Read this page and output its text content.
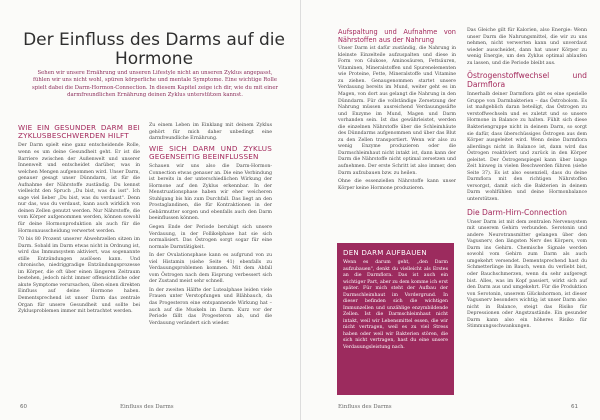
Der Einfluss des Darms auf die Hormone
Sehen wir unsere Ernährung und unseren Lifestyle nicht an unseren Zyklus angepasst, fühlen wir uns nicht wohl, spüren körperliche und mentale Symptome. Eine wichtige Rolle spielt dabei die Darm-Hormon-Connection. In diesem Kapitel zeige ich dir, wie du mit einer darmfreundlichen Ernährung deinen Zyklus unterstützen kannst.
WIE EIN GESUNDER DARM BEI ZYKLUSBESCHWERDEN HILFT

Der Darm spielt eine ganz entscheidende Rolle, wenn es um deine Gesundheit geht. Er ist die Barriere zwischen der Außenwelt und unserer Innenwelt und entscheidet darüber, was in welchen Mengen aufgenommen wird. Unser Darm, genauer gesagt unser Dünndarm, ist für die Aufnahme der Nährstoffe zuständig. Du kennst vielleicht den Spruch „Du bist, was du isst". Ich sage viel lieber „Du bist, was du verdaust". Denn nur das, was du verdaust, kann auch wirklich von deinen Zellen genutzt werden. Nur Nährstoffe, die vom Körper aufgenommen werden, können sowohl für deine Hormonproduktion als auch für die Hormonausscheidung verwertet werden.

70 bis 80 Prozent unserer Abwehrzellen sitzen im Darm. Sobald im Darm etwas nicht in Ordnung ist, wird das Immunsystem aktiviert, was sogenannte stille Entzündungen auslösen kann. Und chronische, niedriggradige Entzündungsprozesse im Körper, die oft über einen längeren Zeitraum bestehen, jedoch nicht immer offensichtliche oder akute Symptome verursachen, üben einen direkten Einfluss auf deine Hormone haben. Dementsprechend ist unser Darm das zentrale Organ für unsere Gesundheit und sollte bei Zyklusproblemen immer mit betrachtet werden.

Zu einem Leben im Einklang mit deinem Zyklus gehört für mich daher unbedingt eine darmfreundliche Ernährung.

WIE SICH DARM UND ZYKLUS GEGENSEITIG BEEINFLUSSEN

Schauen wir uns also die Darm-Hormon-Connection etwas genauer an. Die eine Verbindung ist bereits in der unterschiedlichen Wirkung der Hormone auf den Zyklus erkennbar. In der Menstruationsphase haben wir eher weicheren Stuhlgang bis hin zum Durchfall. Das liegt an den Prostaglandinen, die für Kontraktionen in der Gebärmutter sorgen und ebenfalls auch den Darm beeinflussen können.

Gegen Ende der Periode beruhigt sich unsere Verdauung, in der Follikelphase hat sie sich normalisiert. Das Östrogen sorgt sogar für eine normale Darmtätigkeit.

In der Ovulationsphase kann es aufgrund von zu viel Histamin (siehe Seite 41) ebenfalls zu Verdauungsproblemen kommen. Mit dem Abfall vom Östrogen nach dem Eisprung verbessert sich der Zustand meist sehr schnell.

In der zweiten Hälfte der Lutealphase leiden viele Frauen unter Verstopfungen und Blähbauch, da das Progesteron eine entspannende Wirkung hat – auch auf die Muskeln im Darm. Kurz vor der Periode fällt das Progesteron ab, und die Verdauung verändert sich wieder.

60	Einfluss des Darms
Aufspaltung und Aufnahme von Nährstoffen aus der Nahrung

Unser Darm ist dafür zuständig, die Nahrung in kleinste Einzelteile aufzuspalten und diese in Form von Glukose, Aminosäuren, Fettsäuren, Vitaminen, Mineralstoffen und Spurenelementen wie Proteine, Fette, Mineralstoffe und Vitamine zu ziehen. Genaugenommen startet unsere Verdauung bereits im Mund, weiter geht es im Magen, von dort aus gelangt die Nahrung in den Dünndarm. Für die vollständige Zersetzung der Nahrung müssen ausreichend Verdauungssäfte und Enzyme im Mund, Magen und Darm vorhanden sein. Ist das gewährleistet, werden die einzelnen Nährstoffe über die Schleimhäute des Dünndarms aufgenommen und über das Blut zu den Zellen transportiert. Wenn wir also zu wenig Enzyme produzieren oder die Darmschleimhaut nicht intakt ist, dann kann der Darm die Nährstoffe nicht optimal zersetzen und aufnehmen. Der erste Schritt ist also immer, den Darm aufzubauen bzw. zu heilen.

Ohne die essenziellen Nährstoffe kann unser Körper keine Hormone produzieren.

Das Gleiche gilt für Kalorien, also Energie: Wenn unser Darm die Nahrungsmittel, die wir zu uns nehmen, nicht verwerten kann und unverdaut wieder ausscheidet, dann hat unser Körper zu wenig Energie, um den Zyklus optimal ablaufen zu lassen, und die Periode bleibt aus.

Östrogenstoffwechsel und Darmflora

Innerhalb deiner Darmflora gibt es eine spezielle Gruppe von Darmbakterien – das Östrobolom. Es ist maßgeblich daran beteiligt, das Östrogen zu verstoffwechseln und es zuletzt und so unsere Hormone in Balance zu halten. Fühlt sich diese Bakteriengruppe nicht in deinem Darm, so sorgt sie dafür, dass überschüssiges Östrogen aus dem Körper ausgeleitet wird. Wenn deine Darmflora allerdings nicht in Balance ist, dann wird das Östrogen reaktiviert und zurück in den Körper geleitet. Der Östrogenspiegel kann über lange Zeit hinweg in vielen Beschwerden führen (siehe Seite 37). Es ist also essenziell, dass du deine Darmflora mit den richtigen Nährstoffen versorgst, damit sich die Bakterien in deinem Darm wohlfühlen und deine Hormonbalance unterstützen.

Die Darm-Hirn-Connection

Unser Darm ist mit dem zentralen Nervensystem mit unserem Gehirn verbunden. Serotonin und andere Neurotransmitter gelangen über den Vagusnerv, den längsten Nerv des Körpers, vom Darm ins Gehirn. Chemische Signale werden sowohl vom Gehirn zum Darm als auch umgekehrt versendet. Dementsprechend hast du Schmetterlinge im Bauch, wenn du verliebt bist, oder Bauchschmerzen, wenn du sehr aufgeregt bist. Alles, was im Kopf passiert, wirkt sich auf den Darm aus und umgekehrt. Für die Produktion von Serotonin, unserem Glückshormon, ist dieser Vagusnerv besonders wichtig; ist unser Darm also nicht in Balance, steigt das Risiko für Depressionen oder Angstzustände. Ein gesunder Darm kann also ein höheres Risiko für Stimmungsschwankungen.

Einfluss des Darms	61
DEN DARM AUFBAUEN
Wenn es darum geht, „den Darm aufzubauen", denkt du vielleicht als Erstes an die Darmflora. Das ist auch ein wichtiger Part, aber zu dem komme ich erst später. Für mich steht der Aufbau der Darmschleimhaut im Vordergrund. In dieser befinden sich die wichtigen Immunzellen und unzählige enzymbildende Zellen. Ist die Darmschleimhaut nicht intakt, weil wir Lebensmittel essen, die wir nicht vertragen, weil es zu viel Stress haben oder weil wir Bakterien stören, die sich nicht vertragen, hast du eine unsere Verdauungsleistung nach.
